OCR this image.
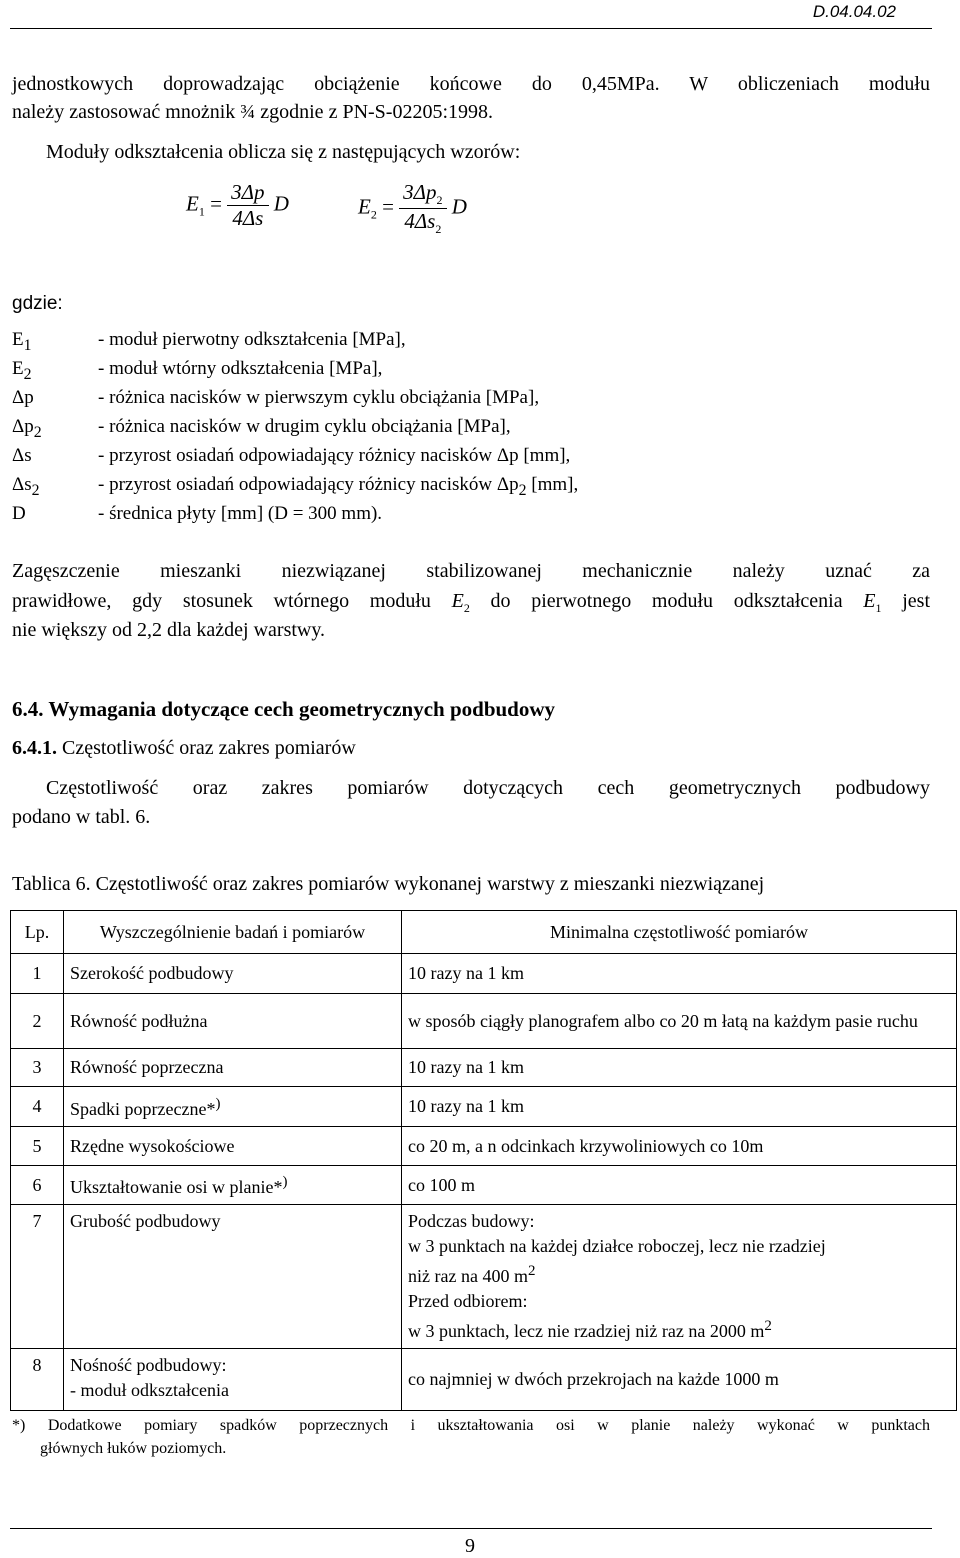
D.04.04.02
jednostkowych doprowadzając obciążenie końcowe do 0,45MPa. W obliczeniach modułu
należy zastosować mnożnik ¾ zgodnie z PN-S-02205:1998.
Moduły odkształcenia oblicza się z następujących wzorów:
$E_1 = \frac{3\Delta p}{4\Delta s}$ D	$E_2 = \frac{3\Delta p_2}{4\Delta s_2}$ D
gdzie:
$E_1$	- moduł pierwotny odkształcenia [MPa],
$E_2$	- moduł wtórny odkształcenia [MPa],
Δp	- różnica nacisków w pierwszym cyklu obciążania [MPa],
$\Delta p_2$	- różnica nacisków w drugim cyklu obciążania [MPa],
Δs	- przyrost osiadań odpowiadający różnicy nacisków Δp [mm],
$\Delta s_2$	- przyrost osiadań odpowiadający różnicy nacisków $\Delta p_2$ [mm],
D	- średnica płyty [mm] (D = 300 mm).
Zagęszczenie mieszanki niezwiązanej stabilizowanej mechanicznie należy uznać za
prawidłowe, gdy stosunek wtórnego modułu $E_2$ do pierwotnego modułu odkształcenia $E_1$ jest
nie większy od 2,2 dla każdej warstwy.
6.4. Wymagania dotyczące cech geometrycznych podbudowy
6.4.1. Częstotliwość oraz zakres pomiarów
Częstotliwość oraz zakres pomiarów dotyczących cech geometrycznych podbudowy
podano w tabl. 6.
Tablica 6. Częstotliwość oraz zakres pomiarów wykonanej warstwy z mieszanki niezwiązanej
Lp.	Wyszczególnienie badań i pomiarów	Minimalna częstotliwość pomiarów
1	Szerokość podbudowy	10 razy na 1 km
2	Równość podłużna	w sposób ciągły planografem albo co 20 m łatą na każdym pasie ruchu
3	Równość poprzeczna	10 razy na 1 km
4	Spadki poprzeczne*)	10 razy na 1 km
5	Rzędne wysokościowe	co 20 m, a n odcinkach krzywoliniowych co 10m
6	Ukształtowanie osi w planie*)	co 100 m
7	Grubość podbudowy	Podczas budowy:
w 3 punktach na każdej działce roboczej, lecz nie rzadziej
niż raz na 400 $m^2$
Przed odbiorem:
w 3 punktach, lecz nie rzadziej niż raz na 2000 $m^2$

8	Nośność podbudowy:
- moduł odkształcenia	co najmniej w dwóch przekrojach na każde 1000 m
*) Dodatkowe pomiary spadków poprzecznych i ukształtowania osi w planie należy wykonać w punktach
głównych łuków poziomych.
9
